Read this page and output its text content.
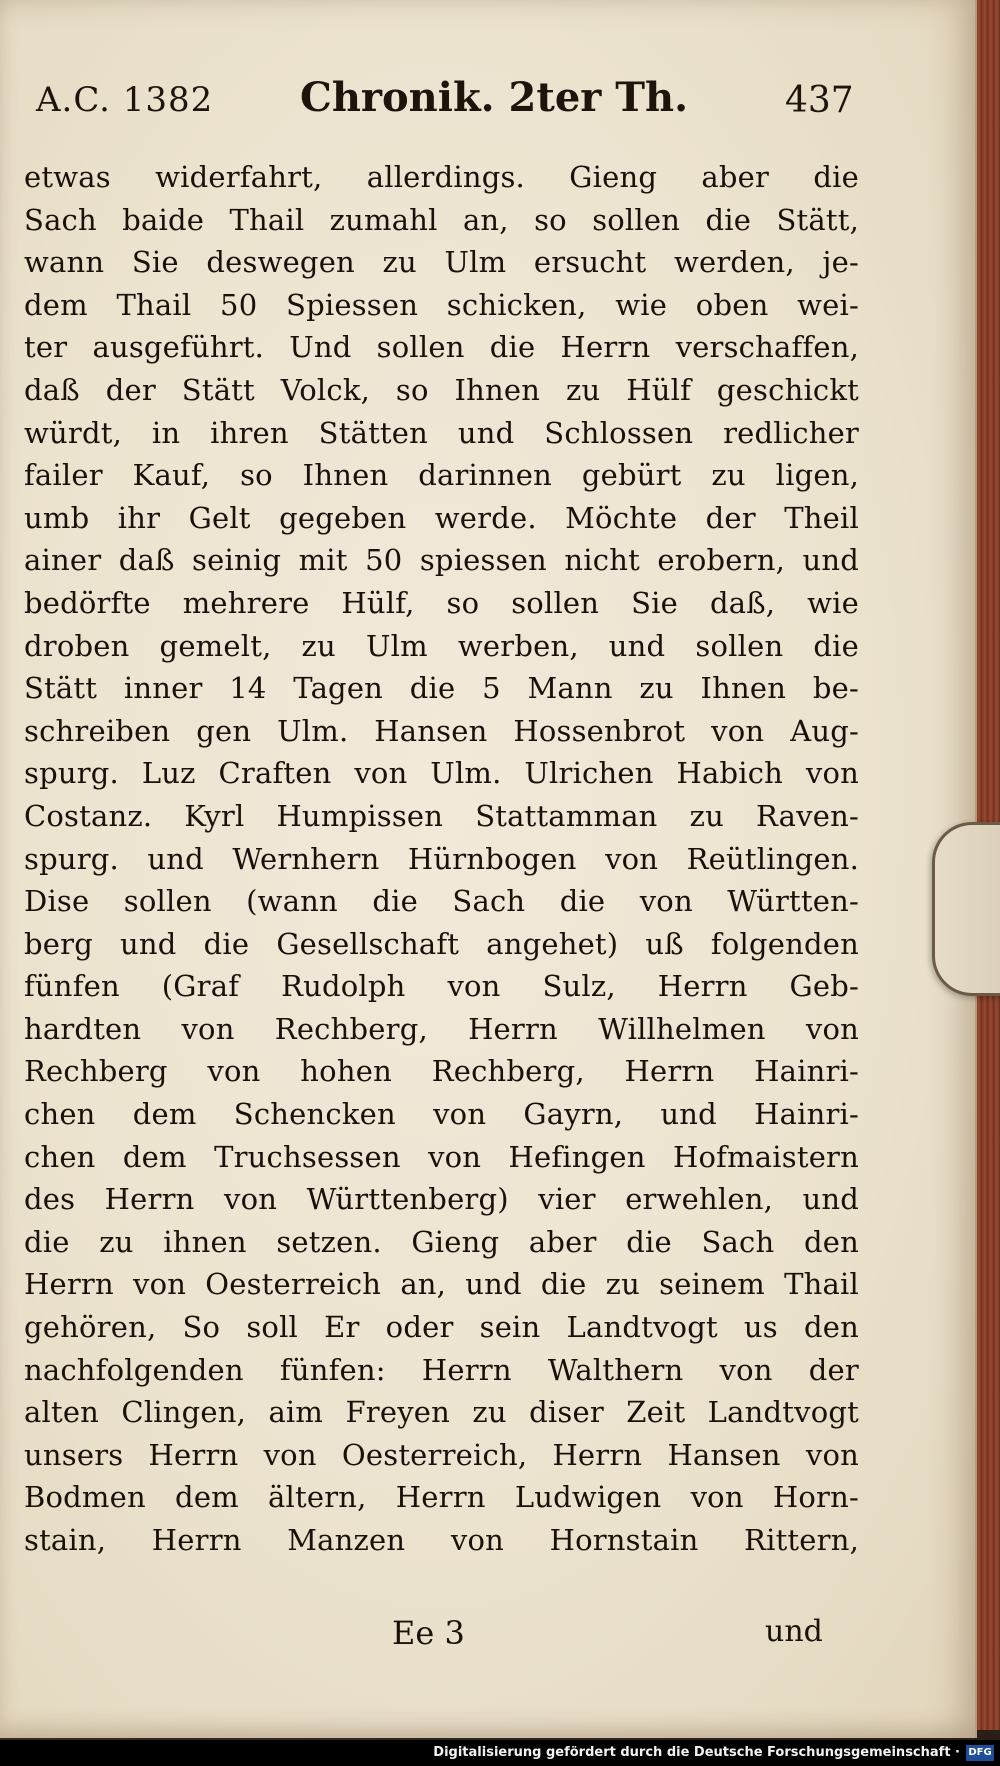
A.C. 1382 Chronik. 2ter Th.	437
etwas widerfahrt, allerdings. Gieng aber die
Sach baide Thail zumahl an, so sollen die Stätt,
wann Sie deswegen zu Ulm ersucht werden, je-
dem Thail 50 Spiessen schicken, wie oben wei-
ter ausgeführt. Und sollen die Herrn verschaffen,
daß der Stätt Volck, so Ihnen zu Hülf geschickt
würdt, in ihren Stätten und Schlossen redlicher
failer Kauf, so Ihnen darinnen gebürt zu ligen,
umb ihr Gelt gegeben werde. Möchte der Theil
ainer daß seinig mit 50 spiessen nicht erobern, und
bedörfte mehrere Hülf, so sollen Sie daß, wie
droben gemelt, zu Ulm werben, und sollen die
Stätt inner 14 Tagen die 5 Mann zu Ihnen be-
schreiben gen Ulm. Hansen Hossenbrot von Aug-
spurg. Luz Craften von Ulm. Ulrichen Habich von
Costanz. Kyrl Humpissen Stattamman zu Raven-
spurg. und Wernhern Hürnbogen von Reütlingen.
Dise sollen (wann die Sach die von Württen-
berg und die Gesellschaft angehet) uß folgenden
fünfen (Graf Rudolph von Sulz, Herrn Geb-
hardten von Rechberg, Herrn Willhelmen von
Rechberg von hohen Rechberg, Herrn Hainri-
chen dem Schencken von Gayrn, und Hainri-
chen dem Truchsessen von Hefingen Hofmaistern
des Herrn von Württenberg) vier erwehlen, und
die zu ihnen setzen. Gieng aber die Sach den
Herrn von Oesterreich an, und die zu seinem Thail
gehören, So soll Er oder sein Landtvogt us den
nachfolgenden fünfen: Herrn Walthern von der
alten Clingen, aim Freyen zu diser Zeit Landtvogt
unsers Herrn von Oesterreich, Herrn Hansen von
Bodmen dem ältern, Herrn Ludwigen von Horn-
stain, Herrn Manzen von Hornstain Rittern,
Ee 3	und
Digitalisierung gefördert durch die Deutsche Forschungsgemeinschaft · DFG
